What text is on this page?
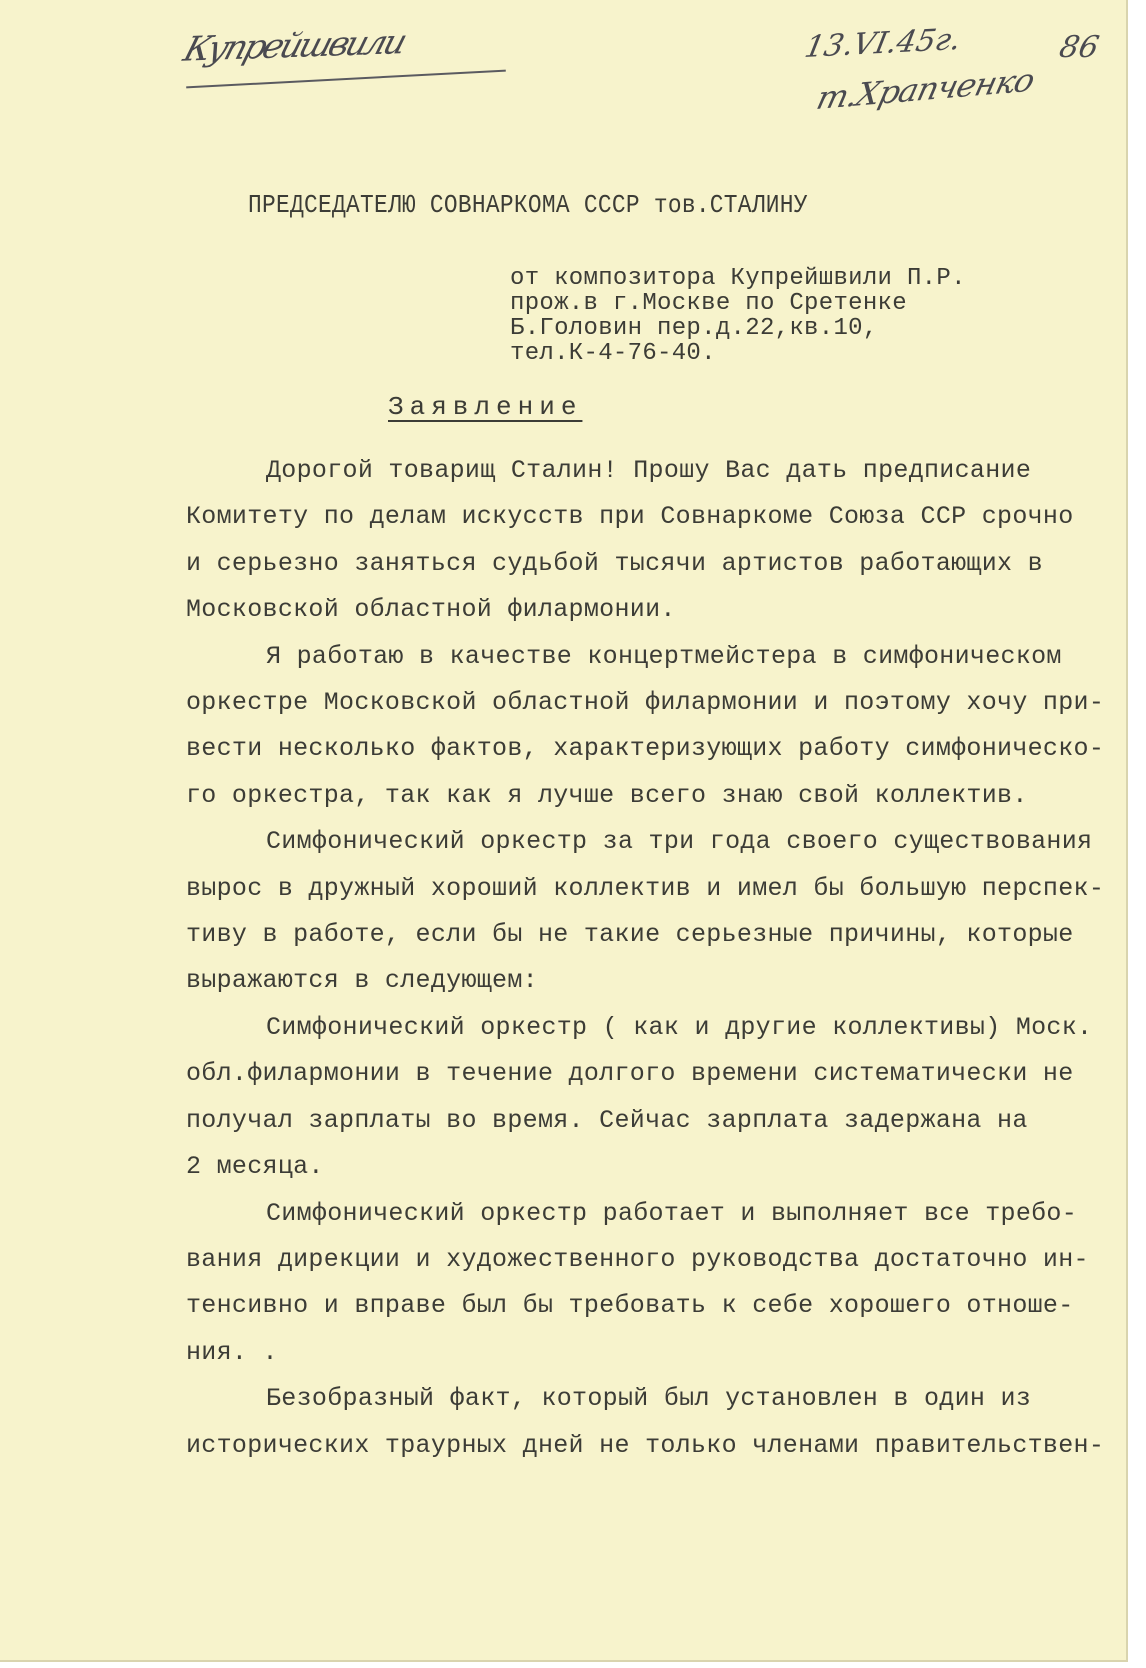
Купрейшвили	13.VI.45г.	86
т.Храпченко
ПРЕДСЕДАТЕЛЮ СОВНАРКОМА СССР тов.СТАЛИНУ
от композитора Купрейшвили П.Р.
прож.в г.Москве по Сретенке
Б.Головин пер.д.22,кв.10,
тел.К-4-76-40.
Заявление
Дорогой товарищ Сталин! Прошу Вас дать предписание
Комитету по делам искусств при Совнаркоме Союза ССР срочно
и серьезно заняться судьбой тысячи артистов работающих в
Московской областной филармонии.
Я работаю в качестве концертмейстера в симфоническом
оркестре Московской областной филармонии и поэтому хочу при-
вести несколько фактов, характеризующих работу симфоническо-
го оркестра, так как я лучше всего знаю свой коллектив.
Симфонический оркестр за три года своего существования
вырос в дружный хороший коллектив и имел бы большую перспек-
тиву в работе, если бы не такие серьезные причины, которые
выражаются в следующем:
Симфонический оркестр ( как и другие коллективы) Моск.
обл.филармонии в течение долгого времени систематически не
получал зарплаты во время. Сейчас зарплата задержана на
2 месяца.
Симфонический оркестр работает и выполняет все требо-
вания дирекции и художественного руководства достаточно ин-
тенсивно и вправе был бы требовать к себе хорошего отноше-
ния. .
Безобразный факт, который был установлен в один из
исторических траурных дней не только членами правительствен-
